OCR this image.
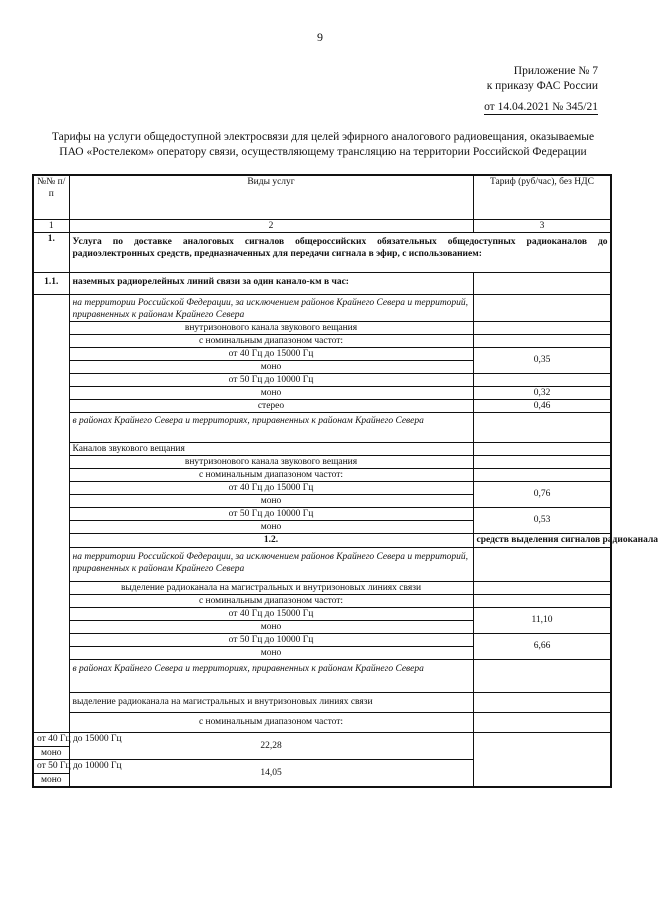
9
Приложение № 7
к приказу ФАС России
от 14.04.2021 № 345/21
Тарифы на услуги общедоступной электросвязи для целей эфирного аналогового радиовещания, оказываемые ПАО «Ростелеком» оператору связи, осуществляющему трансляцию на территории Российской Федерации
№№ п/п	Виды услуг	Тариф (руб/час), без НДС	
1	2	3	
1.	Услуга по доставке аналоговых сигналов общероссийских обязательных общедоступных радиоканалов до радиоэлектронных средств, предназначенных для передачи сигнала в эфир, с использованием:		
1.1.	наземных радиорелейных линий связи за один канало-км в час:		
	на территории Российской Федерации, за исключением районов Крайнего Севера и территорий, приравненных к районам Крайнего Севера		
	внутризонового канала звукового вещания		
	с номинальным диапазоном частот:		
	от 40 Гц до 15000 Гц	0,35	
	моно		
	от 50 Гц до 10000 Гц		
	моно	0,32	
	стерео	0,46	
	в районах Крайнего Севера и территориях, приравненных к районам Крайнего Севера		
	Каналов звукового вещания		
	внутризонового канала звукового вещания		
	с номинальным диапазоном частот:		
	от 40 Гц до 15000 Гц	0,76	
	моно		
	от 50 Гц до 10000 Гц	0,53	
	моно		
	1.2.	средств выделения сигналов радиоканала	
	на территории Российской Федерации, за исключением районов Крайнего Севера и территорий, приравненных к районам Крайнего Севера		
	выделение радиоканала на магистральных и внутризоновых линиях связи		
	с номинальным диапазоном частот:		
	от 40 Гц до 15000 Гц	11,10	
	моно		
	от 50 Гц до 10000 Гц	6,66	
	моно		
	в районах Крайнего Севера и территориях, приравненных к районам Крайнего Севера		
	выделение радиоканала на магистральных и внутризоновых линиях связи		
	с номинальным диапазоном частот:		
от 40 Гц до 15000 Гц	22,28		
моно			
от 50 Гц до 10000 Гц	14,05		
моно			
